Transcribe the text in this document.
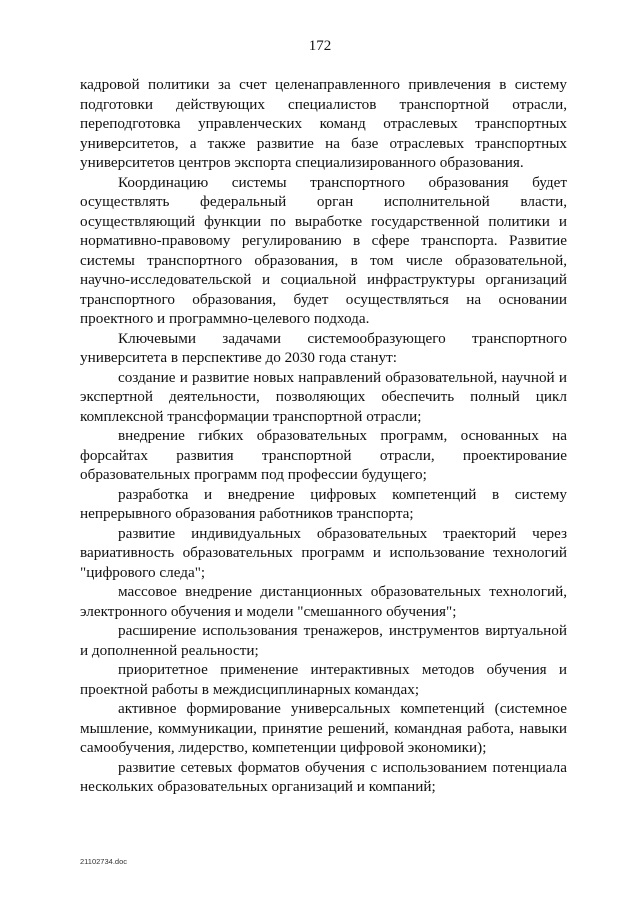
172

кадровой политики за счет целенаправленного привлечения в систему подготовки действующих специалистов транспортной отрасли, переподготовка управленческих команд отраслевых транспортных университетов, а также развитие на базе отраслевых транспортных университетов центров экспорта специализированного образования.

Координацию системы транспортного образования будет осуществлять федеральный орган исполнительной власти, осуществляющий функции по выработке государственной политики и нормативно-правовому регулированию в сфере транспорта. Развитие системы транспортного образования, в том числе образовательной, научно-исследовательской и социальной инфраструктуры организаций транспортного образования, будет осуществляться на основании проектного и программно-целевого подхода.

Ключевыми задачами системообразующего транспортного университета в перспективе до 2030 года станут:

создание и развитие новых направлений образовательной, научной и экспертной деятельности, позволяющих обеспечить полный цикл комплексной трансформации транспортной отрасли;

внедрение гибких образовательных программ, основанных на форсайтах развития транспортной отрасли, проектирование образовательных программ под профессии будущего;

разработка и внедрение цифровых компетенций в систему непрерывного образования работников транспорта;

развитие индивидуальных образовательных траекторий через вариативность образовательных программ и использование технологий "цифрового следа";

массовое внедрение дистанционных образовательных технологий, электронного обучения и модели "смешанного обучения";

расширение использования тренажеров, инструментов виртуальной и дополненной реальности;

приоритетное применение интерактивных методов обучения и проектной работы в междисциплинарных командах;

активное формирование универсальных компетенций (системное мышление, коммуникации, принятие решений, командная работа, навыки самообучения, лидерство, компетенции цифровой экономики);

развитие сетевых форматов обучения с использованием потенциала нескольких образовательных организаций и компаний;

21102734.doc
